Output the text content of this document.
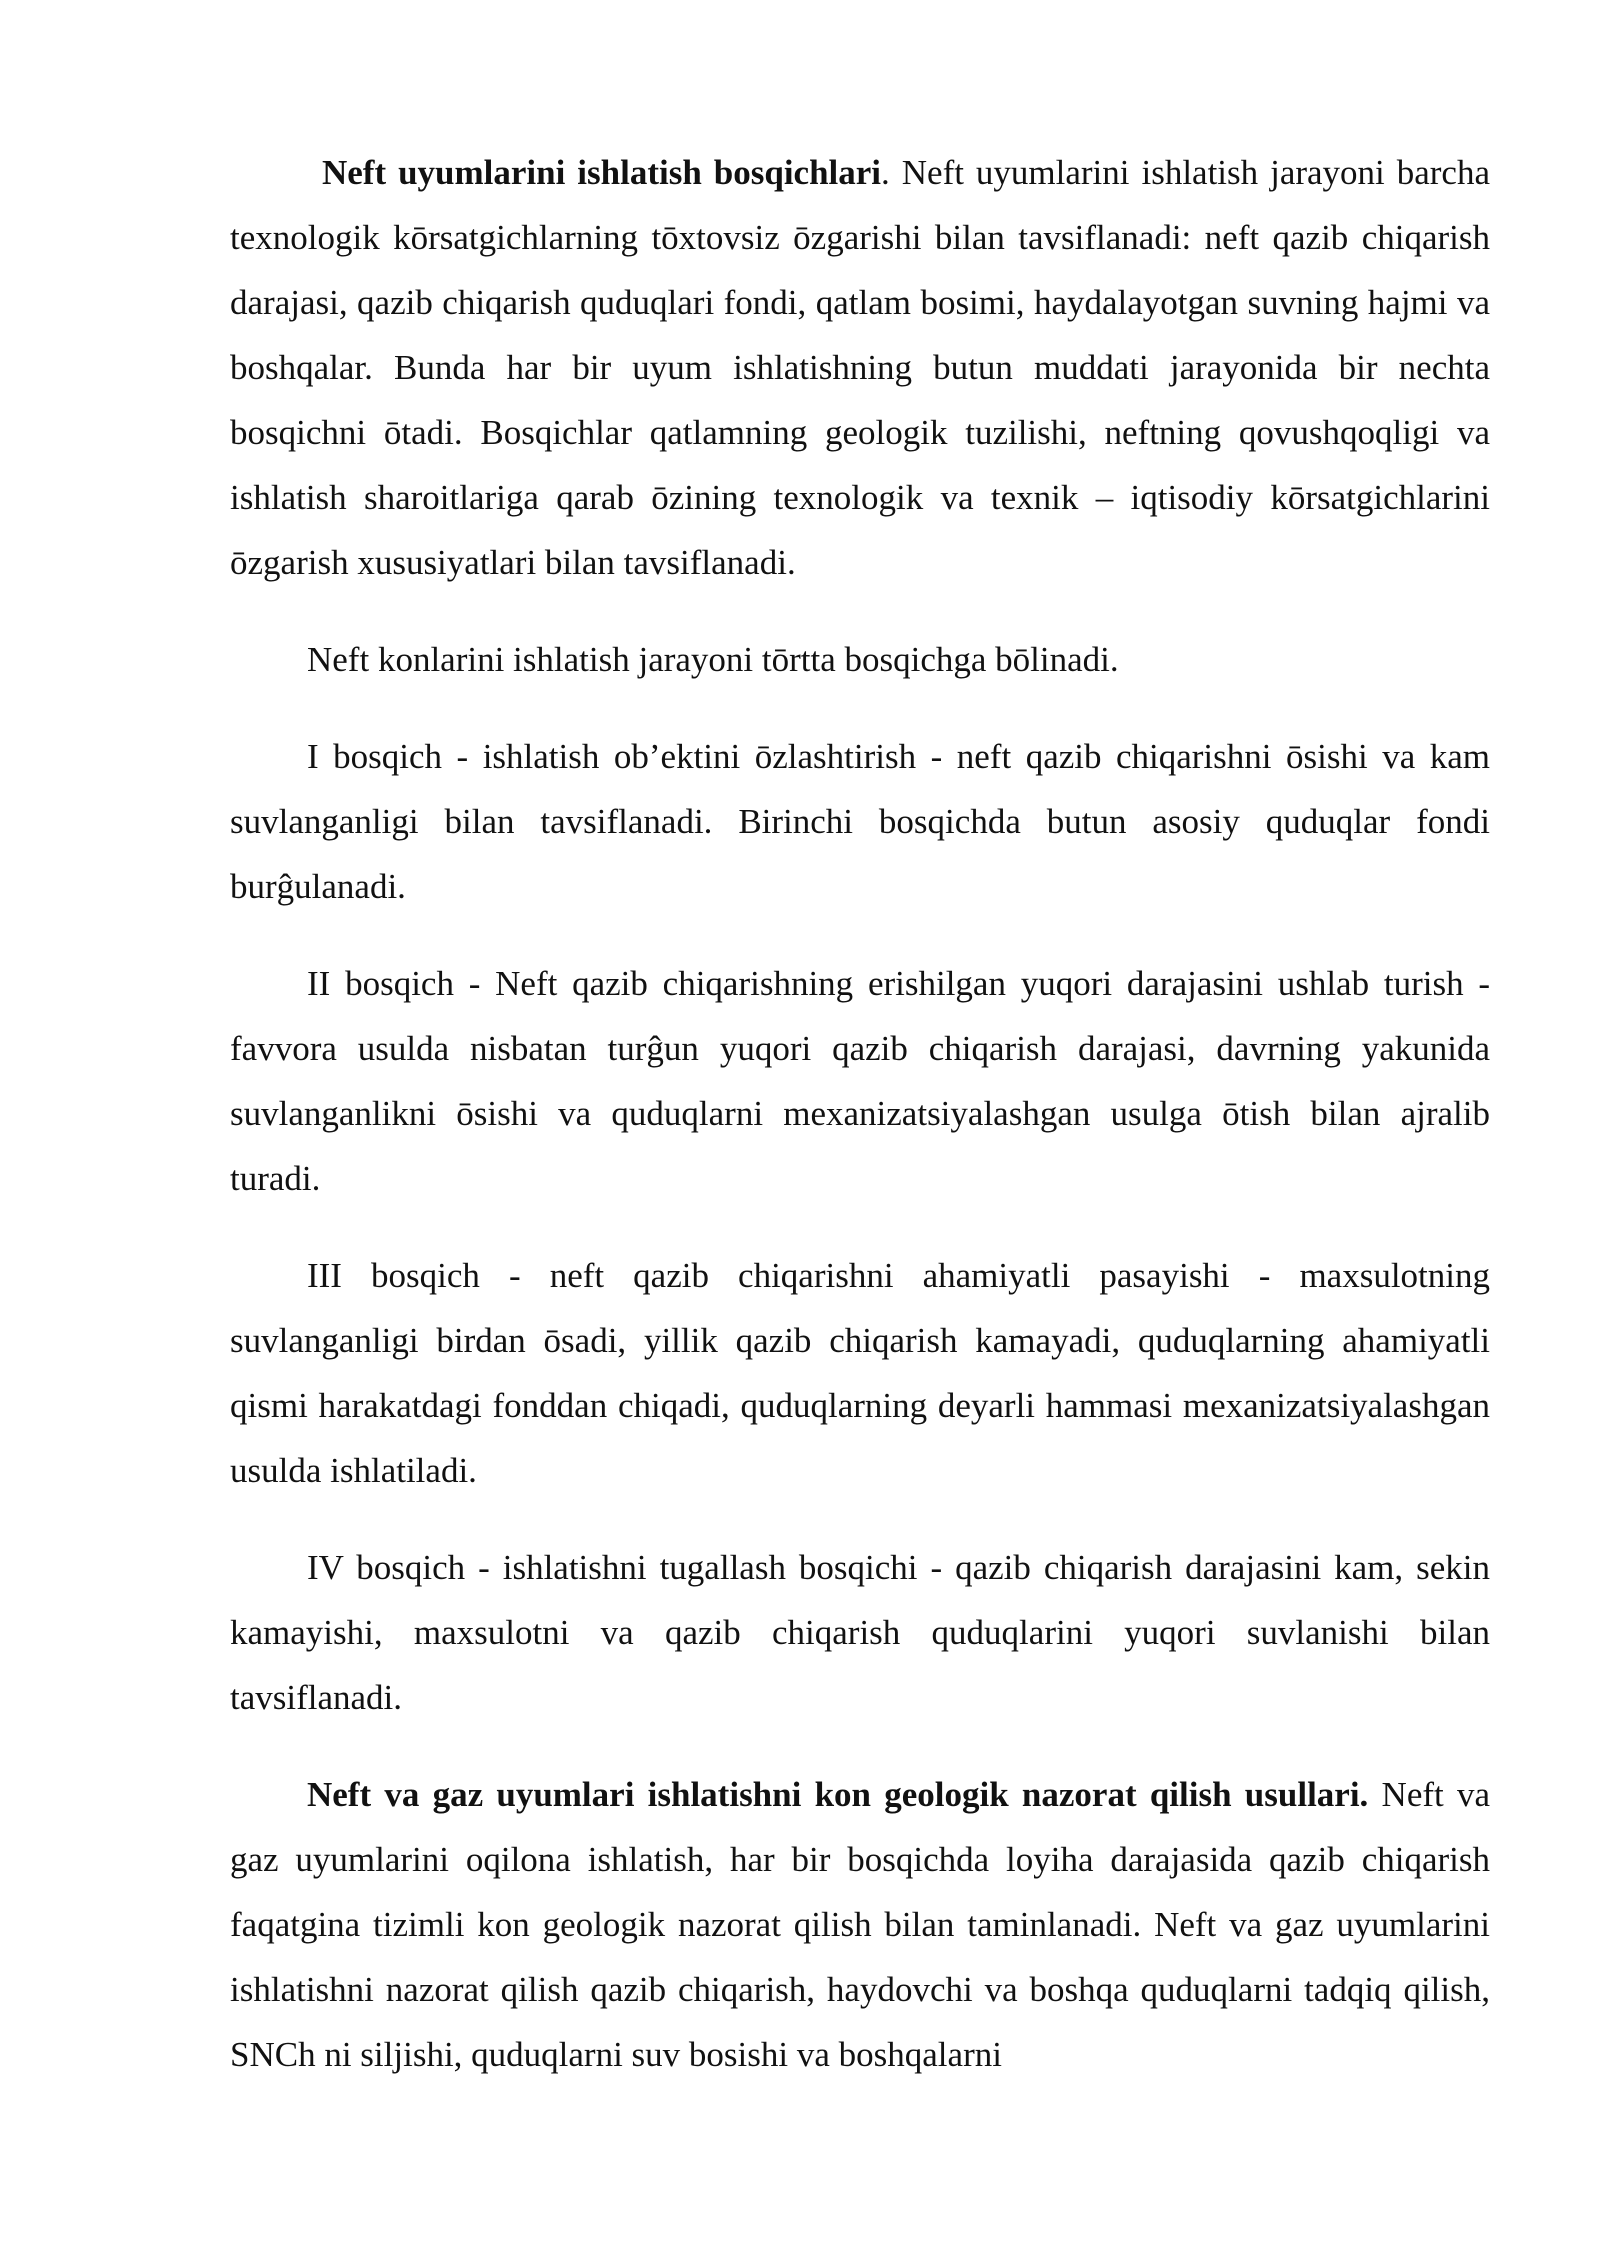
Neft uyumlarini ishlatish bosqichlari. Neft uyumlarini ishlatish jarayoni barcha texnologik kōrsatgichlarning tōxtovsiz ōzgarishi bilan tavsiflanadi: neft qazib chiqarish darajasi, qazib chiqarish quduqlari fondi, qatlam bosimi, haydalayotgan suvning hajmi va boshqalar. Bunda har bir uyum ishlatishning butun muddati jarayonida bir nechta bosqichni ōtadi. Bosqichlar qatlamning geologik tuzilishi, neftning qovushqoqligi va ishlatish sharoitlariga qarab ōzining texnologik va texnik – iqtisodiy kōrsatgichlarini ōzgarish xususiyatlari bilan tavsiflanadi.

Neft konlarini ishlatish jarayoni tōrtta bosqichga bōlinadi.

I bosqich - ishlatish ob’ektini ōzlashtirish - neft qazib chiqarishni ōsishi va kam suvlanganligi bilan tavsiflanadi. Birinchi bosqichda butun asosiy quduqlar fondi burĝulanadi.

II bosqich - Neft qazib chiqarishning erishilgan yuqori darajasini ushlab turish - favvora usulda nisbatan turĝun yuqori qazib chiqarish darajasi, davrning yakunida suvlanganlikni ōsishi va quduqlarni mexanizatsiyalashgan usulga ōtish bilan ajralib turadi.

III bosqich - neft qazib chiqarishni ahamiyatli pasayishi - maxsulotning suvlanganligi birdan ōsadi, yillik qazib chiqarish kamayadi, quduqlarning ahamiyatli qismi harakatdagi fonddan chiqadi, quduqlarning deyarli hammasi mexanizatsiyalashgan usulda ishlatiladi.

IV bosqich - ishlatishni tugallash bosqichi - qazib chiqarish darajasini kam, sekin kamayishi, maxsulotni va qazib chiqarish quduqlarini yuqori suvlanishi bilan tavsiflanadi.

Neft va gaz uyumlari ishlatishni kon geologik nazorat qilish usullari. Neft va gaz uyumlarini oqilona ishlatish, har bir bosqichda loyiha darajasida qazib chiqarish faqatgina tizimli kon geologik nazorat qilish bilan taminlanadi. Neft va gaz uyumlarini ishlatishni nazorat qilish qazib chiqarish, haydovchi va boshqa quduqlarni tadqiq qilish, SNCh ni siljishi, quduqlarni suv bosishi va boshqalarni
